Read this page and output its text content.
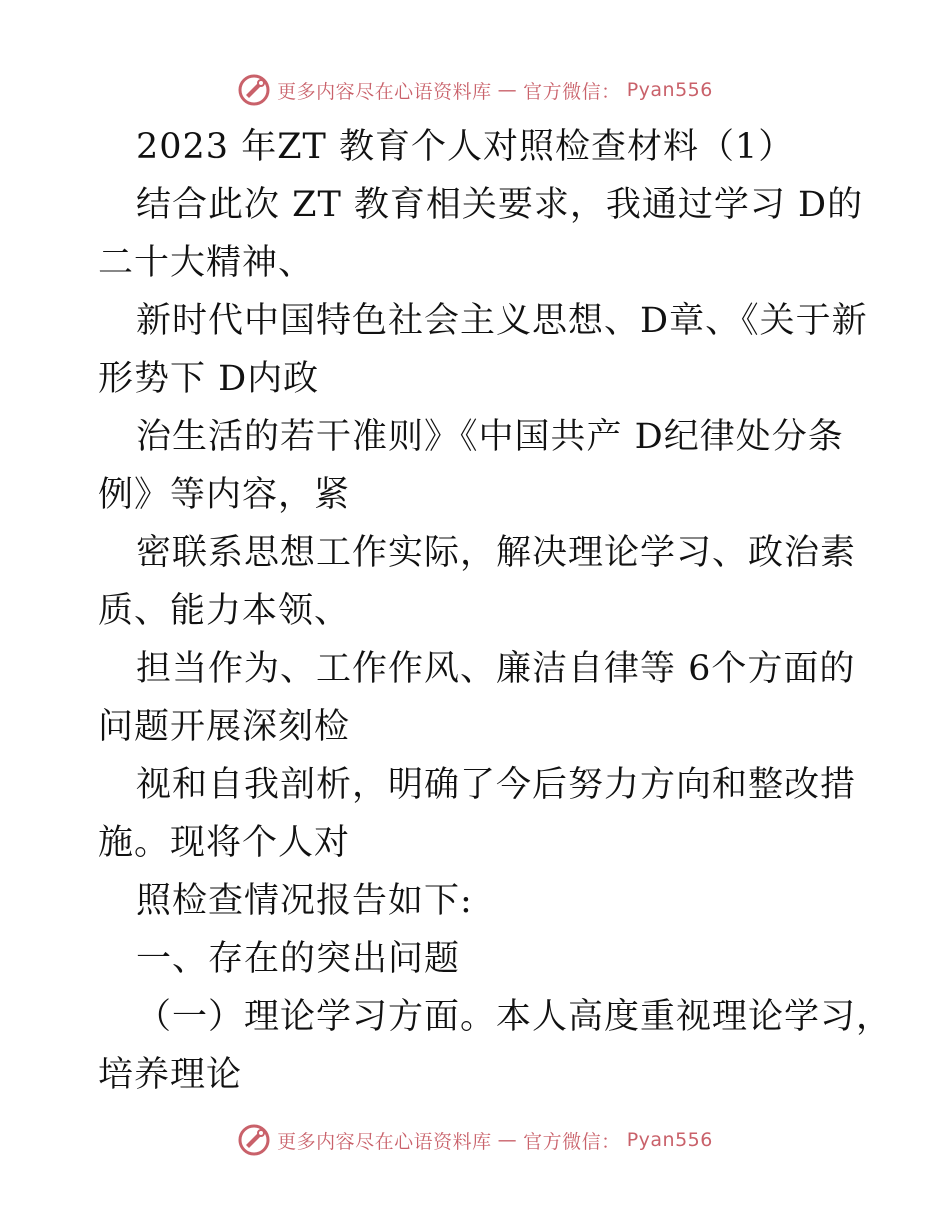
更多内容尽在心语资料库 — 官方微信： Pyan556
2023 年ZT 教育个人对照检查材料（1）
结合此次 ZT 教育相关要求，我通过学习 D的
二十大精神、
新时代中国特色社会主义思想、D章、《关于新
形势下 D内政
治生活的若干准则》《中国共产 D纪律处分条
例》等内容，紧
密联系思想工作实际，解决理论学习、政治素
质、能力本领、
担当作为、工作作风、廉洁自律等 6个方面的
问题开展深刻检
视和自我剖析，明确了今后努力方向和整改措
施。现将个人对
照检查情况报告如下:
一、存在的突出问题
（一）理论学习方面。本人高度重视理论学习，
培养理论
更多内容尽在心语资料库 — 官方微信： Pyan556
